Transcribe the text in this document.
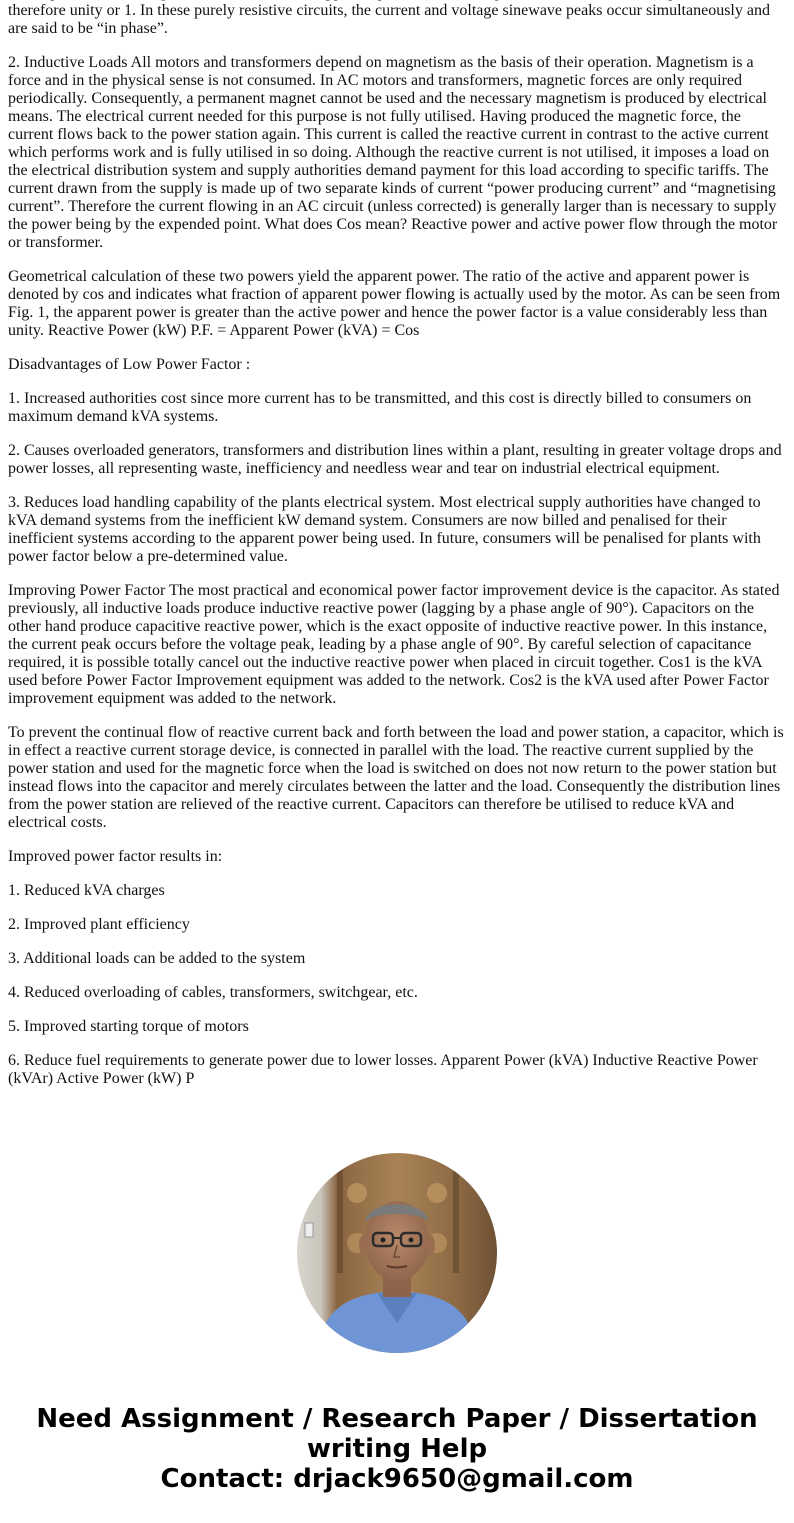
therefore unity or 1. In these purely resistive circuits, the current and voltage sinewave peaks occur simultaneously and are said to be “in phase”.

2. Inductive Loads All motors and transformers depend on magnetism as the basis of their operation. Magnetism is a force and in the physical sense is not consumed. In AC motors and transformers, magnetic forces are only required periodically. Consequently, a permanent magnet cannot be used and the necessary magnetism is produced by electrical means. The electrical current needed for this purpose is not fully utilised. Having produced the magnetic force, the current flows back to the power station again. This current is called the reactive current in contrast to the active current which performs work and is fully utilised in so doing. Although the reactive current is not utilised, it imposes a load on the electrical distribution system and supply authorities demand payment for this load according to specific tariffs. The current drawn from the supply is made up of two separate kinds of current “power producing current” and “magnetising current”. Therefore the current flowing in an AC circuit (unless corrected) is generally larger than is necessary to supply the power being by the expended point. What does Cos mean? Reactive power and active power flow through the motor or transformer.

Geometrical calculation of these two powers yield the apparent power. The ratio of the active and apparent power is denoted by cos and indicates what fraction of apparent power flowing is actually used by the motor. As can be seen from Fig. 1, the apparent power is greater than the active power and hence the power factor is a value considerably less than unity. Reactive Power (kW) P.F. = Apparent Power (kVA) = Cos

Disadvantages of Low Power Factor :

1. Increased authorities cost since more current has to be transmitted, and this cost is directly billed to consumers on maximum demand kVA systems.

2. Causes overloaded generators, transformers and distribution lines within a plant, resulting in greater voltage drops and power losses, all representing waste, inefficiency and needless wear and tear on industrial electrical equipment.

3. Reduces load handling capability of the plants electrical system. Most electrical supply authorities have changed to kVA demand systems from the inefficient kW demand system. Consumers are now billed and penalised for their inefficient systems according to the apparent power being used. In future, consumers will be penalised for plants with power factor below a pre-determined value.

Improving Power Factor The most practical and economical power factor improvement device is the capacitor. As stated previously, all inductive loads produce inductive reactive power (lagging by a phase angle of 90°). Capacitors on the other hand produce capacitive reactive power, which is the exact opposite of inductive reactive power. In this instance, the current peak occurs before the voltage peak, leading by a phase angle of 90°. By careful selection of capacitance required, it is possible totally cancel out the inductive reactive power when placed in circuit together. Cos1 is the kVA used before Power Factor Improvement equipment was added to the network. Cos2 is the kVA used after Power Factor improvement equipment was added to the network.

To prevent the continual flow of reactive current back and forth between the load and power station, a capacitor, which is in effect a reactive current storage device, is connected in parallel with the load. The reactive current supplied by the power station and used for the magnetic force when the load is switched on does not now return to the power station but instead flows into the capacitor and merely circulates between the latter and the load. Consequently the distribution lines from the power station are relieved of the reactive current. Capacitors can therefore be utilised to reduce kVA and electrical costs.

Improved power factor results in:

1. Reduced kVA charges

2. Improved plant efficiency

3. Additional loads can be added to the system

4. Reduced overloading of cables, transformers, switchgear, etc.

5. Improved starting torque of motors

6. Reduce fuel requirements to generate power due to lower losses. Apparent Power (kVA) Inductive Reactive Power (kVAr) Active Power (kW) P

Need Assignment / Research Paper / Dissertation
writing Help
Contact: drjack9650@gmail.com
